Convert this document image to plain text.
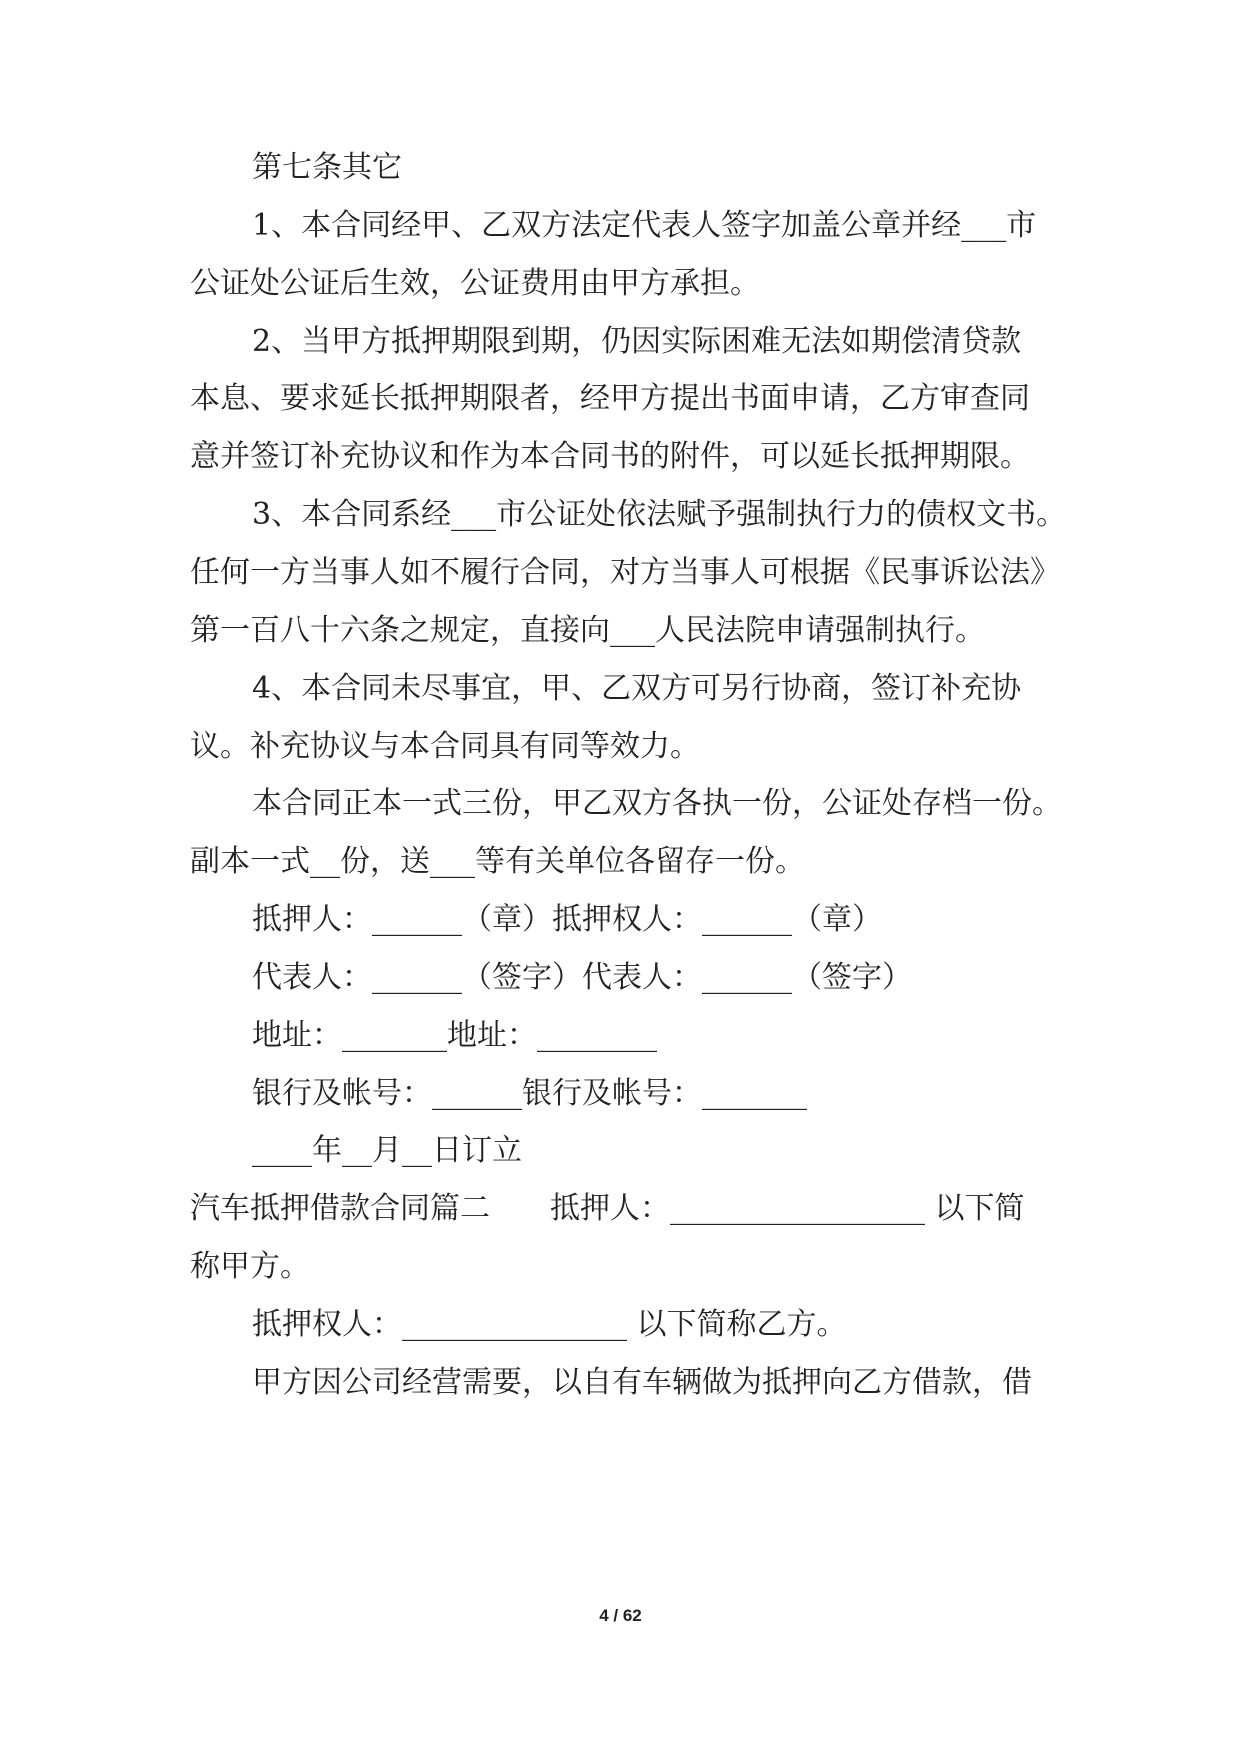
第七条其它

1、本合同经甲、乙双方法定代表人签字加盖公章并经___市

公证处公证后生效，公证费用由甲方承担。

2、当甲方抵押期限到期，仍因实际困难无法如期偿清贷款

本息、要求延长抵押期限者，经甲方提出书面申请，乙方审查同

意并签订补充协议和作为本合同书的附件，可以延长抵押期限。

3、本合同系经___市公证处依法赋予强制执行力的债权文书。

任何一方当事人如不履行合同，对方当事人可根据《民事诉讼法》

第一百八十六条之规定，直接向___人民法院申请强制执行。

4、本合同未尽事宜，甲、乙双方可另行协商，签订补充协

议。补充协议与本合同具有同等效力。

本合同正本一式三份，甲乙双方各执一份，公证处存档一份。

副本一式__份，送___等有关单位各留存一份。

抵押人：______（章）抵押权人：______（章）

代表人：______（签字）代表人：______（签字）

地址：_______地址：________

银行及帐号：______银行及帐号：_______

____年__月__日订立

汽车抵押借款合同篇二　　抵押人：_________________ 以下简

称甲方。

抵押权人：_______________ 以下简称乙方。

甲方因公司经营需要，以自有车辆做为抵押向乙方借款，借

4 / 62
